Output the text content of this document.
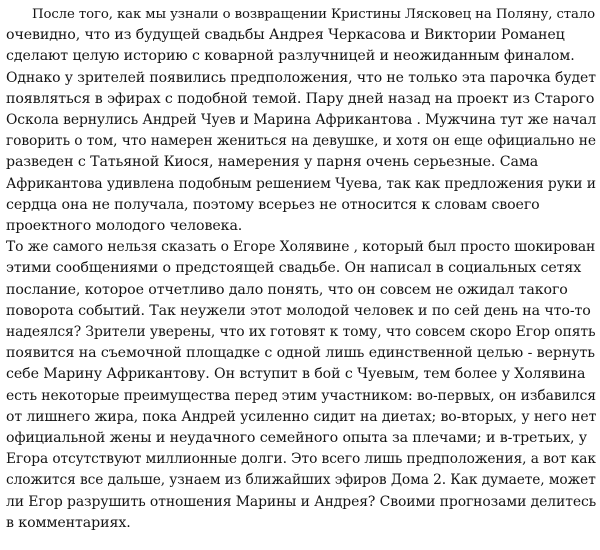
После того, как мы узнали о возвращении Кристины Лясковец на Поляну, стало
очевидно, что из будущей свадьбы Андрея Черкасова и Виктории Романец
сделают целую историю с коварной разлучницей и неожиданным финалом.
Однако у зрителей появились предположения, что не только эта парочка будет
появляться в эфирах с подобной темой. Пару дней назад на проект из Старого
Оскола вернулись Андрей Чуев и Марина Африкантова . Мужчина тут же начал
говорить о том, что намерен жениться на девушке, и хотя он еще официально не
разведен с Татьяной Киося, намерения у парня очень серьезные. Сама
Африкантова удивлена подобным решением Чуева, так как предложения руки и
сердца она не получала, поэтому всерьез не относится к словам своего
проектного молодого человека.
То же самого нельзя сказать о Егоре Холявине , который был просто шокирован
этими сообщениями о предстоящей свадьбе. Он написал в социальных сетях
послание, которое отчетливо дало понять, что он совсем не ожидал такого
поворота событий. Так неужели этот молодой человек и по сей день на что-то
надеялся? Зрители уверены, что их готовят к тому, что совсем скоро Егор опять
появится на съемочной площадке с одной лишь единственной целью - вернуть
себе Марину Африкантову. Он вступит в бой с Чуевым, тем более у Холявина
есть некоторые преимущества перед этим участником: во-первых, он избавился
от лишнего жира, пока Андрей усиленно сидит на диетах; во-вторых, у него нет
официальной жены и неудачного семейного опыта за плечами; и в-третьих, у
Егора отсутствуют миллионные долги. Это всего лишь предположения, а вот как
сложится все дальше, узнаем из ближайших эфиров Дома 2. Как думаете, может
ли Егор разрушить отношения Марины и Андрея? Своими прогнозами делитесь
в комментариях.
